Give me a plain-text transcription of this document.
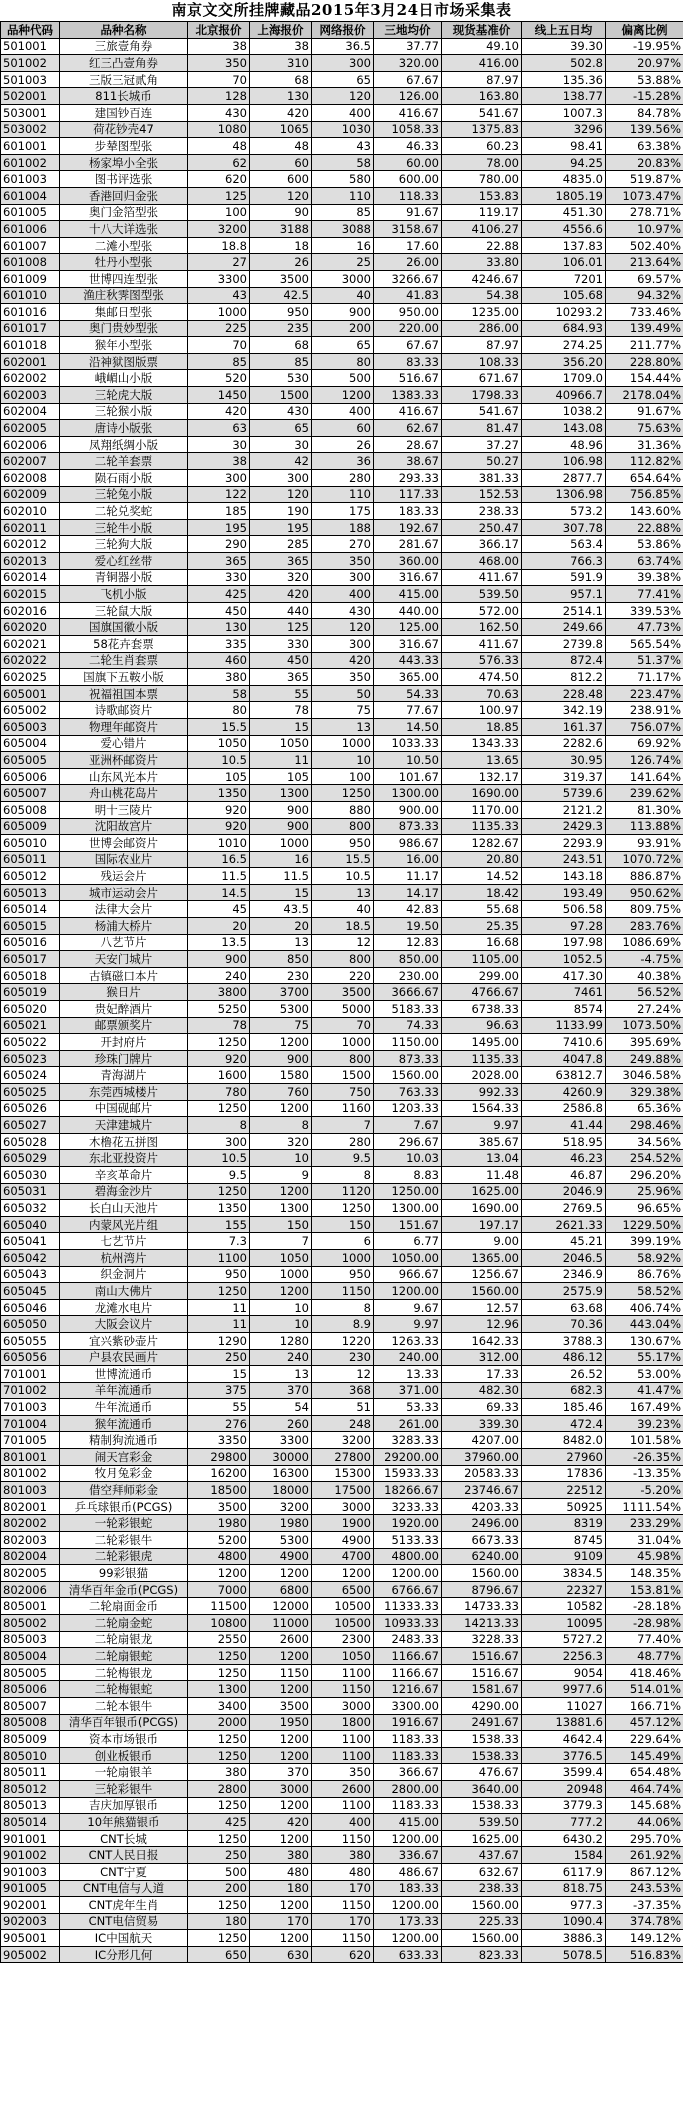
南京文交所挂牌藏品2015年3月24日市场采集表
品种代码	品种名称	北京报价	上海报价	网络报价	三地均价	现货基准价	线上五日均	偏离比例
501001	三旅壹角券	38	38	36.5	37.77	49.10	39.30	-19.95%
501002	红三凸壹角券	350	310	300	320.00	416.00	502.8	20.97%
501003	三版三冠贰角	70	68	65	67.67	87.97	135.36	53.88%
502001	811长城币	128	130	120	126.00	163.80	138.77	-15.28%
503001	建国钞百连	430	420	400	416.67	541.67	1007.3	84.78%
503002	荷花钞壳47	1080	1065	1030	1058.33	1375.83	3296	139.56%
601001	步辇图型张	48	48	43	46.33	60.23	98.41	63.38%
601002	杨家埠小全张	62	60	58	60.00	78.00	94.25	20.83%
601003	图书评选张	620	600	580	600.00	780.00	4835.0	519.87%
601004	香港回归金张	125	120	110	118.33	153.83	1805.19	1073.47%
601005	奥门金箔型张	100	90	85	91.67	119.17	451.30	278.71%
601006	十八大详选张	3200	3188	3088	3158.67	4106.27	4556.6	10.97%
601007	二滩小型张	18.8	18	16	17.60	22.88	137.83	502.40%
601008	牡丹小型张	27	26	25	26.00	33.80	106.01	213.64%
601009	世博四连型张	3300	3500	3000	3266.67	4246.67	7201	69.57%
601010	渔庄秋霁图型张	43	42.5	40	41.83	54.38	105.68	94.32%
601016	集邮日型张	1000	950	900	950.00	1235.00	10293.2	733.46%
601017	奥门贵妙型张	225	235	200	220.00	286.00	684.93	139.49%
601018	猴年小型张	70	68	65	67.67	87.97	274.25	211.77%
602001	沿神狱图版票	85	85	80	83.33	108.33	356.20	228.80%
602002	峨嵋山小版	520	530	500	516.67	671.67	1709.0	154.44%
602003	三轮虎大版	1450	1500	1200	1383.33	1798.33	40966.7	2178.04%
602004	三轮猴小版	420	430	400	416.67	541.67	1038.2	91.67%
602005	唐诗小版张	63	65	60	62.67	81.47	143.08	75.63%
602006	凤翔纸绸小版	30	30	26	28.67	37.27	48.96	31.36%
602007	二轮羊套票	38	42	36	38.67	50.27	106.98	112.82%
602008	陨石雨小版	300	300	280	293.33	381.33	2877.7	654.64%
602009	三轮兔小版	122	120	110	117.33	152.53	1306.98	756.85%
602010	二轮兑奖蛇	185	190	175	183.33	238.33	573.2	143.60%
602011	三轮牛小版	195	195	188	192.67	250.47	307.78	22.88%
602012	三轮狗大版	290	285	270	281.67	366.17	563.4	53.86%
602013	爱心红丝带	365	365	350	360.00	468.00	766.3	63.74%
602014	青铜器小版	330	320	300	316.67	411.67	591.9	39.38%
602015	飞机小版	425	420	400	415.00	539.50	957.1	77.41%
602016	三轮鼠大版	450	440	430	440.00	572.00	2514.1	339.53%
602020	国旗国徽小版	130	125	120	125.00	162.50	249.66	47.73%
602021	58花卉套票	335	330	300	316.67	411.67	2739.8	565.54%
602022	二轮生肖套票	460	450	420	443.33	576.33	872.4	51.37%
602025	国旗下五鞍小版	380	365	350	365.00	474.50	812.2	71.17%
605001	祝福祖国本票	58	55	50	54.33	70.63	228.48	223.47%
605002	诗歌邮资片	80	78	75	77.67	100.97	342.19	238.91%
605003	物理年邮资片	15.5	15	13	14.50	18.85	161.37	756.07%
605004	爱心错片	1050	1050	1000	1033.33	1343.33	2282.6	69.92%
605005	亚洲杯邮资片	10.5	11	10	10.50	13.65	30.95	126.74%
605006	山东风光本片	105	105	100	101.67	132.17	319.37	141.64%
605007	舟山桃花岛片	1350	1300	1250	1300.00	1690.00	5739.6	239.62%
605008	明十三陵片	920	900	880	900.00	1170.00	2121.2	81.30%
605009	沈阳故宫片	920	900	800	873.33	1135.33	2429.3	113.88%
605010	世博会邮资片	1010	1000	950	986.67	1282.67	2293.9	93.91%
605011	国际农业片	16.5	16	15.5	16.00	20.80	243.51	1070.72%
605012	残运会片	11.5	11.5	10.5	11.17	14.52	143.18	886.87%
605013	城市运动会片	14.5	15	13	14.17	18.42	193.49	950.62%
605014	法律大会片	45	43.5	40	42.83	55.68	506.58	809.75%
605015	杨浦大桥片	20	20	18.5	19.50	25.35	97.28	283.76%
605016	八艺节片	13.5	13	12	12.83	16.68	197.98	1086.69%
605017	天安门城片	900	850	800	850.00	1105.00	1052.5	-4.75%
605018	古镇磁口本片	240	230	220	230.00	299.00	417.30	40.38%
605019	猴日片	3800	3700	3500	3666.67	4766.67	7461	56.52%
605020	贵妃醉酒片	5250	5300	5000	5183.33	6738.33	8574	27.24%
605021	邮票颁奖片	78	75	70	74.33	96.63	1133.99	1073.50%
605022	开封府片	1250	1200	1000	1150.00	1495.00	7410.6	395.69%
605023	珍珠门牌片	920	900	800	873.33	1135.33	4047.8	249.88%
605024	青海湖片	1600	1580	1500	1560.00	2028.00	63812.7	3046.58%
605025	东莞西城楼片	780	760	750	763.33	992.33	4260.9	329.38%
605026	中国砚邮片	1250	1200	1160	1203.33	1564.33	2586.8	65.36%
605027	天津建城片	8	8	7	7.67	9.97	41.44	298.46%
605028	木橹花五拼图	300	320	280	296.67	385.67	518.95	34.56%
605029	东北亚投资片	10.5	10	9.5	10.03	13.04	46.23	254.52%
605030	辛亥革命片	9.5	9	8	8.83	11.48	46.87	296.20%
605031	碧海金沙片	1250	1200	1120	1250.00	1625.00	2046.9	25.96%
605032	长白山天池片	1350	1300	1250	1300.00	1690.00	2769.5	96.65%
605040	内蒙风光片组	155	150	150	151.67	197.17	2621.33	1229.50%
605041	七艺节片	7.3	7	6	6.77	9.00	45.21	399.19%
605042	杭州湾片	1100	1050	1000	1050.00	1365.00	2046.5	58.92%
605043	织金洞片	950	1000	950	966.67	1256.67	2346.9	86.76%
605045	南山大佛片	1250	1200	1150	1200.00	1560.00	2575.9	58.52%
605046	龙滩水电片	11	10	8	9.67	12.57	63.68	406.74%
605050	大阪会议片	11	10	8.9	9.97	12.96	70.36	443.04%
605055	宜兴紫砂壶片	1290	1280	1220	1263.33	1642.33	3788.3	130.67%
605056	户县农民画片	250	240	230	240.00	312.00	486.12	55.17%
701001	世博流通币	15	13	12	13.33	17.33	26.52	53.00%
701002	羊年流通币	375	370	368	371.00	482.30	682.3	41.47%
701003	牛年流通币	55	54	51	53.33	69.33	185.46	167.49%
701004	猴年流通币	276	260	248	261.00	339.30	472.4	39.23%
701005	精制狗流通币	3350	3300	3200	3283.33	4207.00	8482.0	101.58%
801001	闹天宫彩金	29800	30000	27800	29200.00	37960.00	27960	-26.35%
801002	牧月兔彩金	16200	16300	15300	15933.33	20583.33	17836	-13.35%
801003	借空拜师彩金	18500	18000	17500	18266.67	23746.67	22512	-5.20%
802001	乒乓球银币(PCGS)	3500	3200	3000	3233.33	4203.33	50925	1111.54%
802002	一轮彩银蛇	1980	1980	1900	1920.00	2496.00	8319	233.29%
802003	二轮彩银牛	5200	5300	4900	5133.33	6673.33	8745	31.04%
802004	二轮彩银虎	4800	4900	4700	4800.00	6240.00	9109	45.98%
802005	99彩银猫	1200	1200	1200	1200.00	1560.00	3834.5	148.35%
802006	清华百年金币(PCGS)	7000	6800	6500	6766.67	8796.67	22327	153.81%
805001	二轮扇面金币	11500	12000	10500	11333.33	14733.33	10582	-28.18%
805002	二轮扇金蛇	10800	11000	10500	10933.33	14213.33	10095	-28.98%
805003	二轮扇银龙	2550	2600	2300	2483.33	3228.33	5727.2	77.40%
805004	二轮扇银蛇	1250	1200	1050	1166.67	1516.67	2256.3	48.77%
805005	二轮梅银龙	1250	1150	1100	1166.67	1516.67	9054	418.46%
805006	二轮梅银蛇	1300	1200	1150	1216.67	1581.67	9977.6	514.01%
805007	二轮本银牛	3400	3500	3000	3300.00	4290.00	11027	166.71%
805008	清华百年银币(PCGS)	2000	1950	1800	1916.67	2491.67	13881.6	457.12%
805009	资本市场银币	1250	1200	1100	1183.33	1538.33	4642.4	229.64%
805010	创业板银币	1250	1200	1100	1183.33	1538.33	3776.5	145.49%
805011	一轮扇银羊	380	370	350	366.67	476.67	3599.4	654.48%
805012	三轮彩银牛	2800	3000	2600	2800.00	3640.00	20948	464.74%
805013	吉庆加厚银币	1250	1200	1100	1183.33	1538.33	3779.3	145.68%
805014	10年熊猫银币	425	420	400	415.00	539.50	777.2	44.06%
901001	CNT长城	1250	1200	1150	1200.00	1625.00	6430.2	295.70%
901002	CNT人民日报	250	380	380	336.67	437.67	1584	261.92%
901003	CNT宁夏	500	480	480	486.67	632.67	6117.9	867.12%
901005	CNT电信与人道	200	180	170	183.33	238.33	818.75	243.53%
902001	CNT虎年生肖	1250	1200	1150	1200.00	1560.00	977.3	-37.35%
902003	CNT电信贸易	180	170	170	173.33	225.33	1090.4	374.78%
905001	IC中国航天	1250	1200	1150	1200.00	1560.00	3886.3	149.12%
905002	IC分形几何	650	630	620	633.33	823.33	5078.5	516.83%
